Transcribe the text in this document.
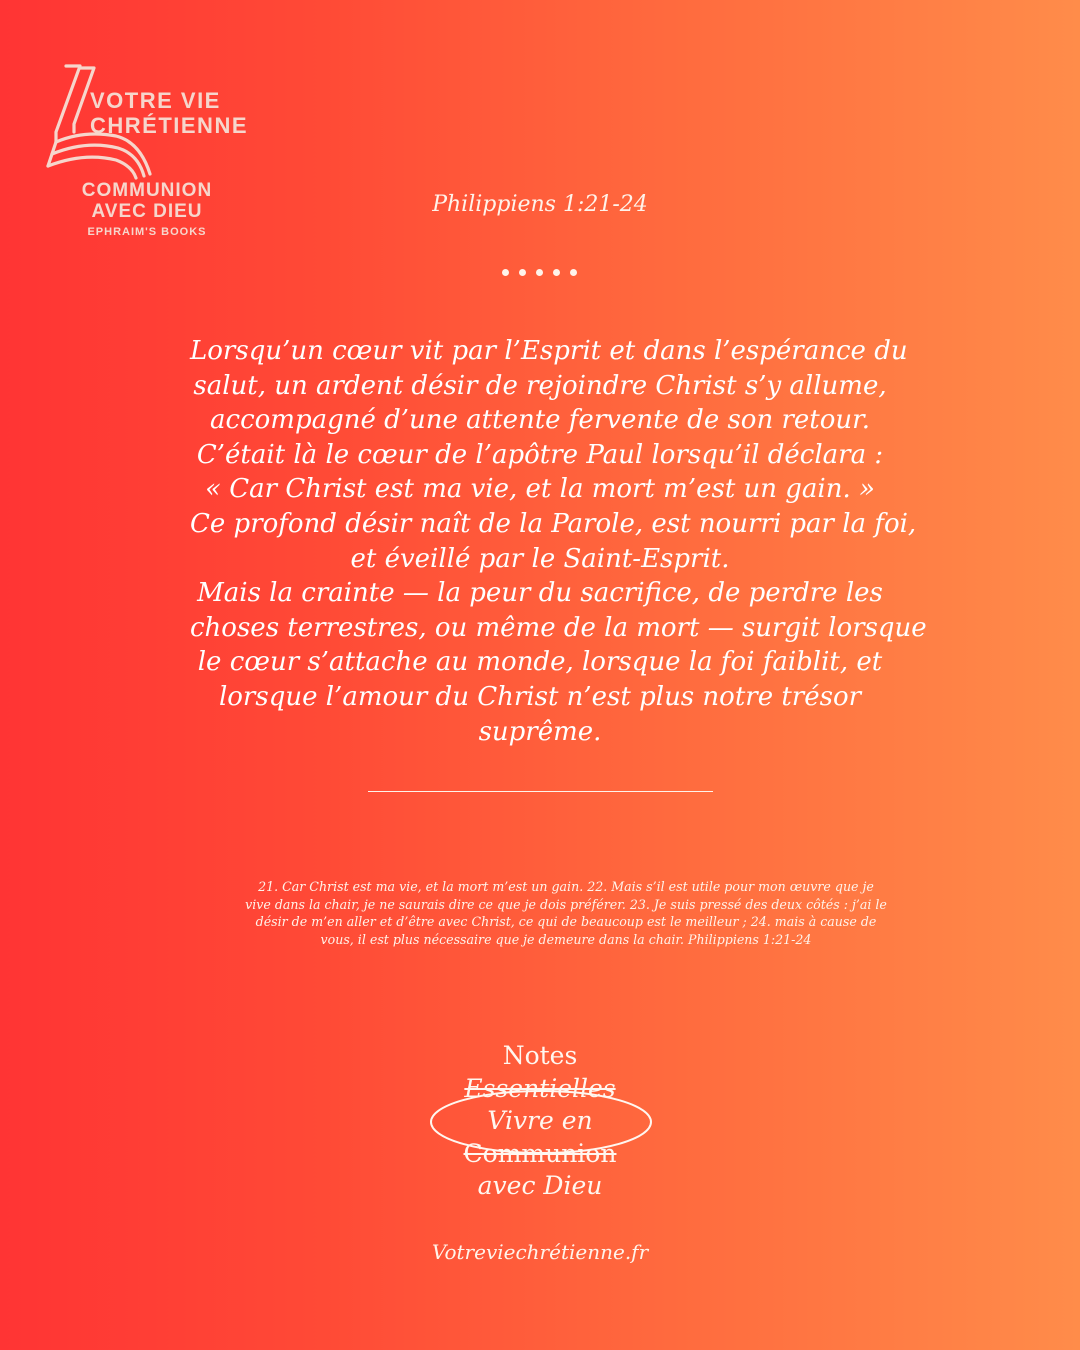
VOTRE VIE
CHRÉTIENNE

COMMUNION
AVEC DIEU
EPHRAIM'S BOOKS
Philippiens 1:21-24

Lorsqu’un cœur vit par l’Esprit et dans l’espérance du
salut, un ardent désir de rejoindre Christ s’y allume,
accompagné d’une attente fervente de son retour.
C’était là le cœur de l’apôtre Paul lorsqu’il déclara :
« Car Christ est ma vie, et la mort m’est un gain. »
Ce profond désir naît de la Parole, est nourri par la foi,
et éveillé par le Saint-Esprit.
Mais la crainte — la peur du sacrifice, de perdre les
choses terrestres, ou même de la mort — surgit lorsque
le cœur s’attache au monde, lorsque la foi faiblit, et
lorsque l’amour du Christ n’est plus notre trésor
suprême.

21. Car Christ est ma vie, et la mort m’est un gain. 22. Mais s’il est utile pour mon œuvre que je
vive dans la chair, je ne saurais dire ce que je dois préférer. 23. Je suis pressé des deux côtés : j’ai le
désir de m’en aller et d’être avec Christ, ce qui de beaucoup est le meilleur ; 24. mais à cause de
vous, il est plus nécessaire que je demeure dans la chair. Philippiens 1:21-24

Notes
Essentielles
Vivre en
Communion
avec Dieu

Votreviechrétienne.fr
